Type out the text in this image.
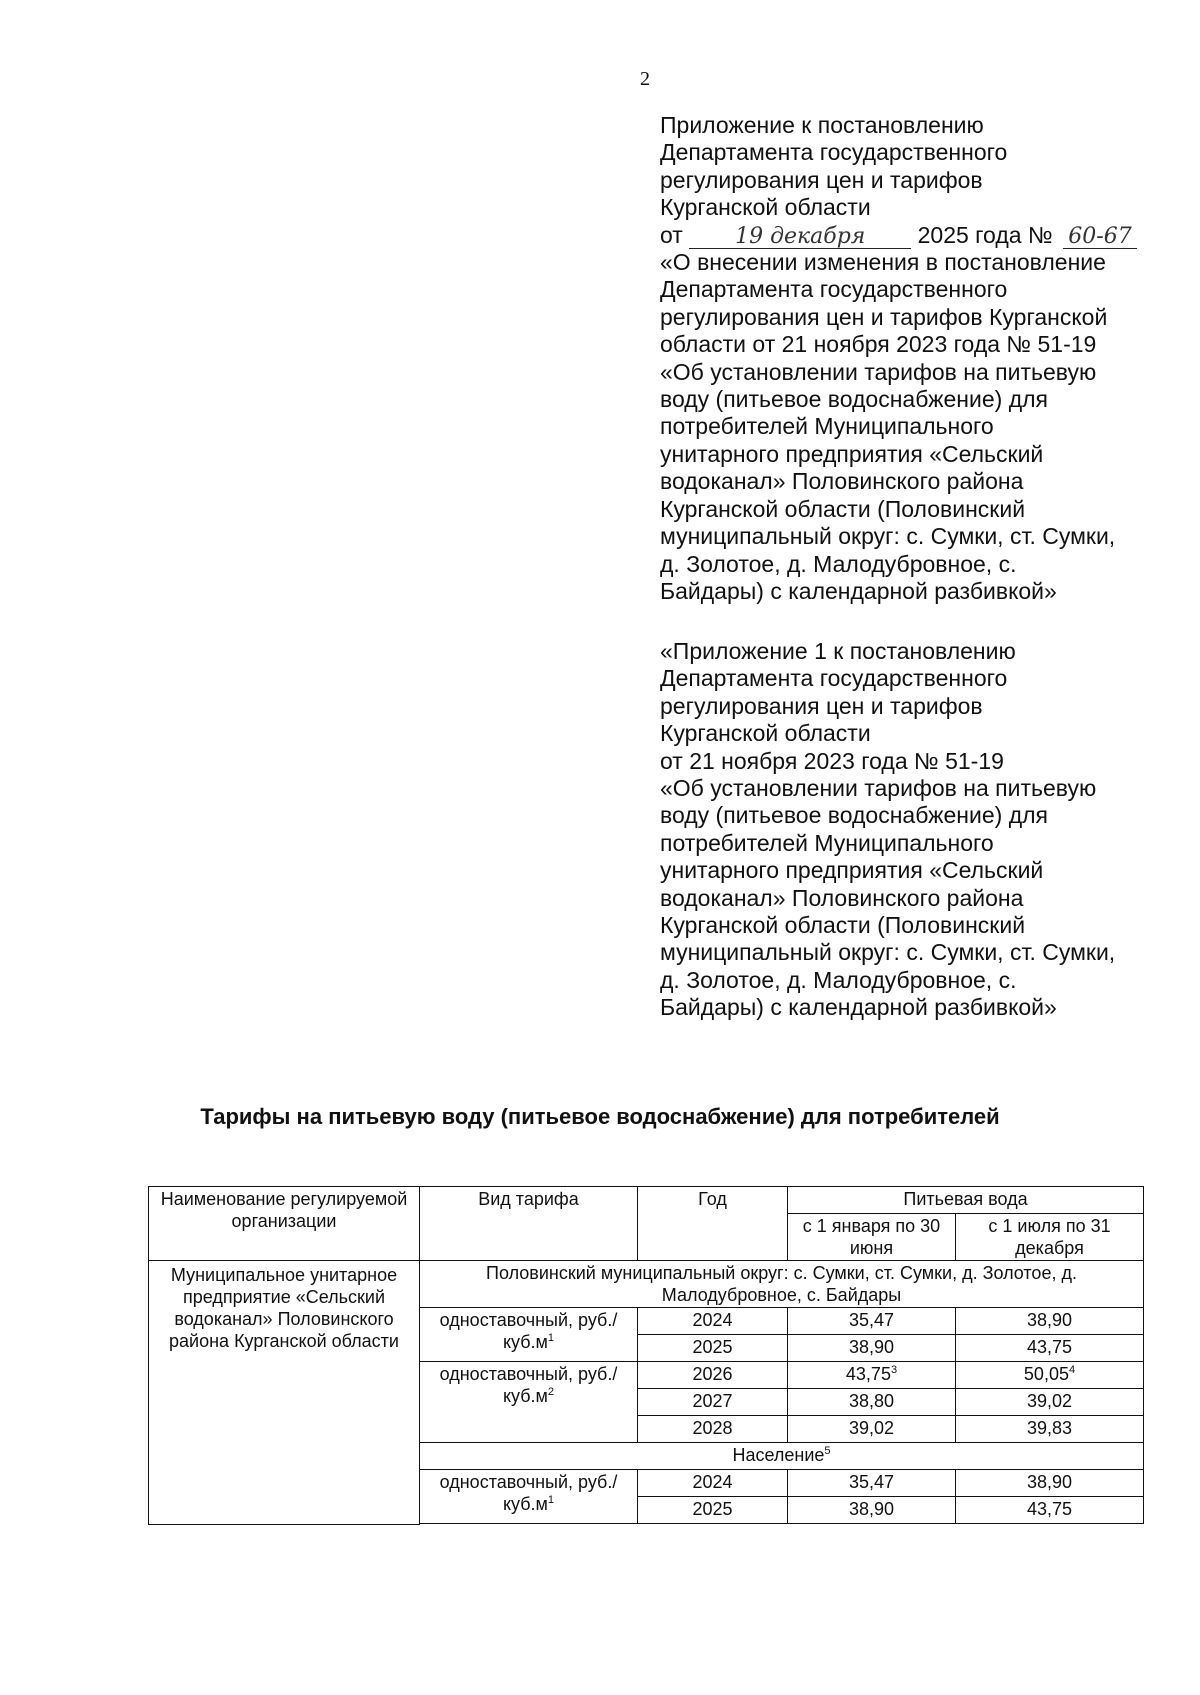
2
Приложение к постановлению
Департамента государственного
регулирования цен и тарифов
Курганской области
от 19 декабря 2025 года № 60-67
«О внесении изменения в постановление
Департамента государственного
регулирования цен и тарифов Курганской
области от 21 ноября 2023 года № 51-19
«Об установлении тарифов на питьевую
воду (питьевое водоснабжение) для
потребителей Муниципального
унитарного предприятия «Сельский
водоканал» Половинского района
Курганской области (Половинский
муниципальный округ: с. Сумки, ст. Сумки,
д. Золотое, д. Малодубровное, с.
Байдары) с календарной разбивкой»
«Приложение 1 к постановлению
Департамента государственного
регулирования цен и тарифов
Курганской области
от 21 ноября 2023 года № 51-19
«Об установлении тарифов на питьевую
воду (питьевое водоснабжение) для
потребителей Муниципального
унитарного предприятия «Сельский
водоканал» Половинского района
Курганской области (Половинский
муниципальный округ: с. Сумки, ст. Сумки,
д. Золотое, д. Малодубровное, с.
Байдары) с календарной разбивкой»
Тарифы на питьевую воду (питьевое водоснабжение) для потребителей
Наименование регулируемой организации	Вид тарифа	Год	Питьевая вода	
			с 1 января по 30 июня	с 1 июля по 31 декабря
Муниципальное унитарное предприятие «Сельский водоканал» Половинского района Курганской области	Половинский муниципальный округ: с. Сумки, ст. Сумки, д. Золотое, д. Малодубровное, с. Байдары			
	одноставочный, $руб./куб.м^1$	2024	35,47	38,90
		2025	38,90	43,75
	одноставочный, $руб./куб.м^2$	2026	43,75$^3$	50,05$^4$
		2027	38,80	39,02
		2028	39,02	39,83
	Население$^5$
	одноставочный, $руб./куб.м^1$	2024	35,47	38,90
		2025	38,90	43,75
